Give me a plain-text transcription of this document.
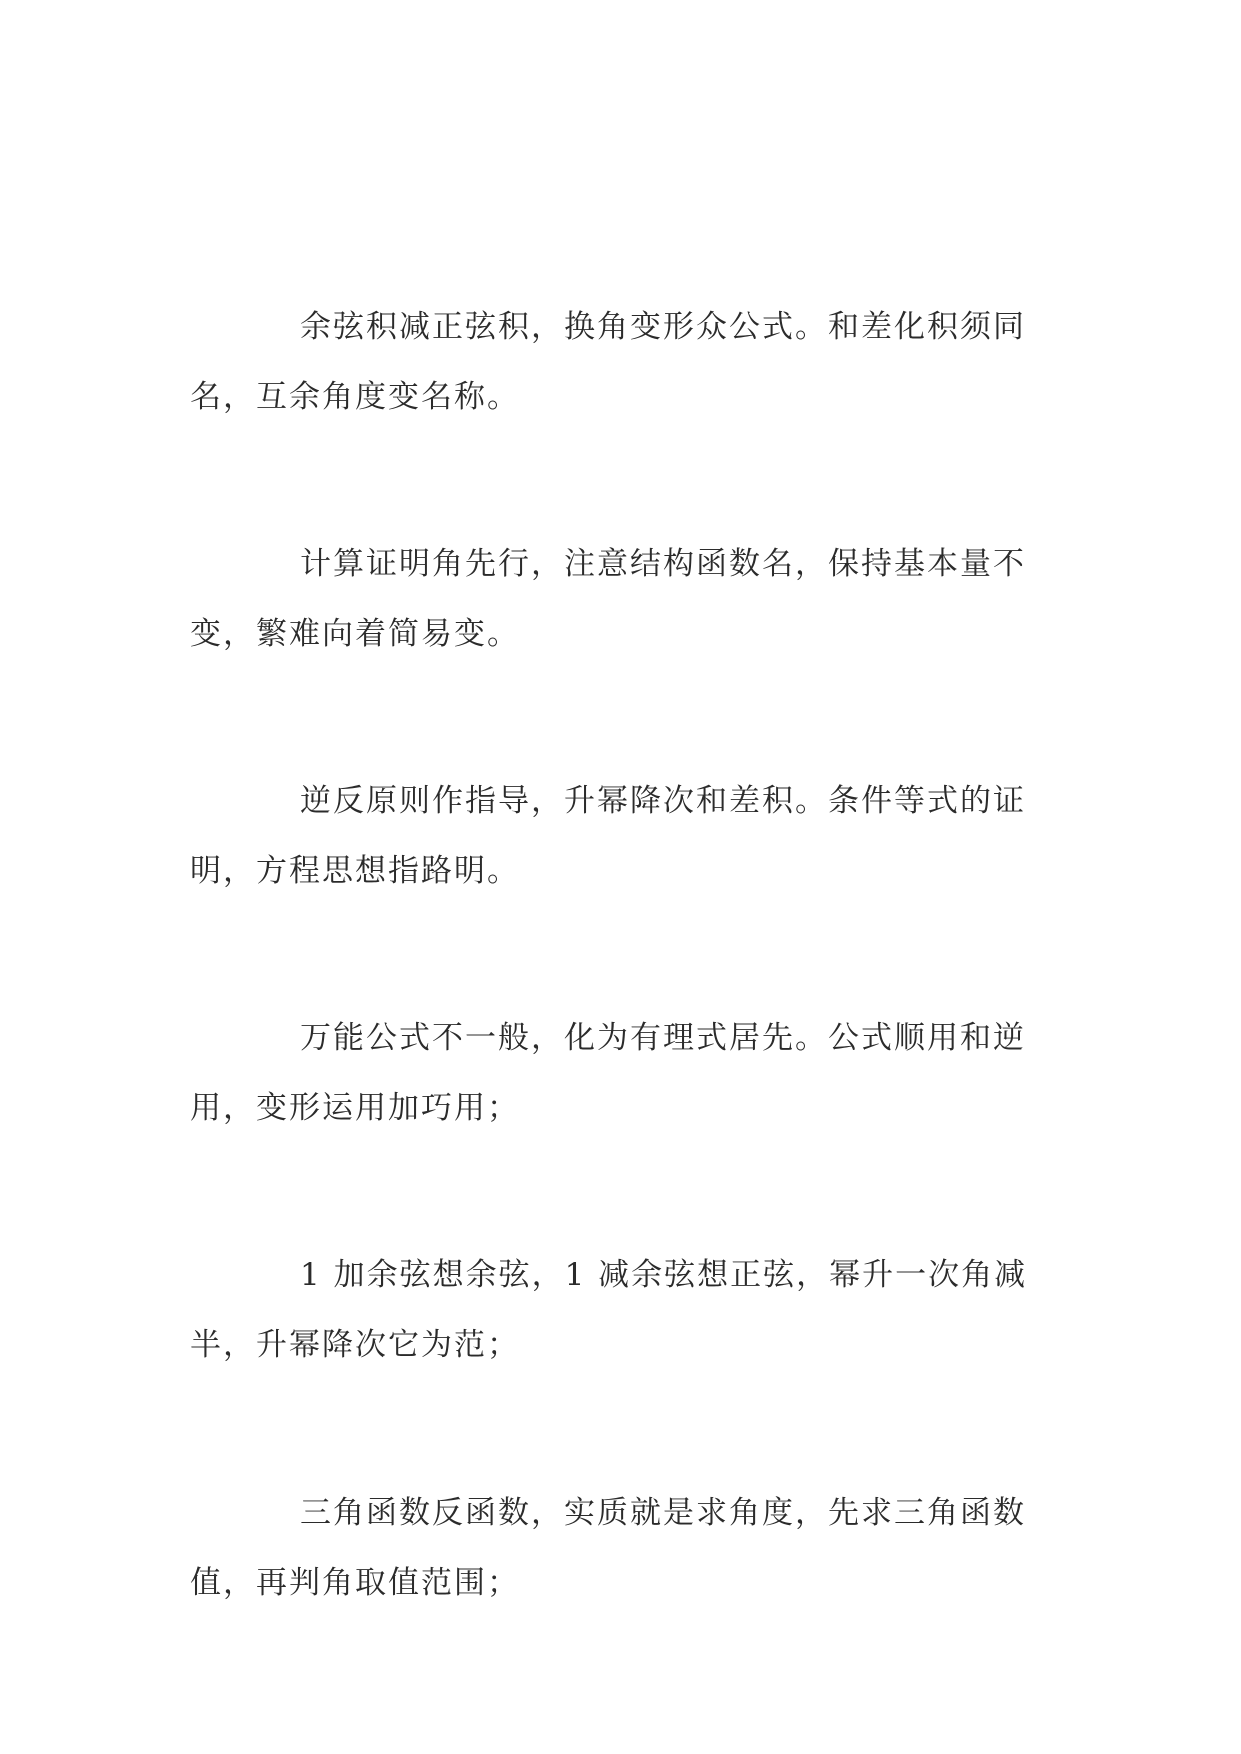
余弦积减正弦积，换角变形众公式。和差化积须同名，互余角度变名称。

计算证明角先行，注意结构函数名，保持基本量不变，繁难向着简易变。

逆反原则作指导，升幂降次和差积。条件等式的证明，方程思想指路明。

万能公式不一般，化为有理式居先。公式顺用和逆用，变形运用加巧用；

1 加余弦想余弦，1 减余弦想正弦，幂升一次角减半，升幂降次它为范；

三角函数反函数，实质就是求角度，先求三角函数值，再判角取值范围；
